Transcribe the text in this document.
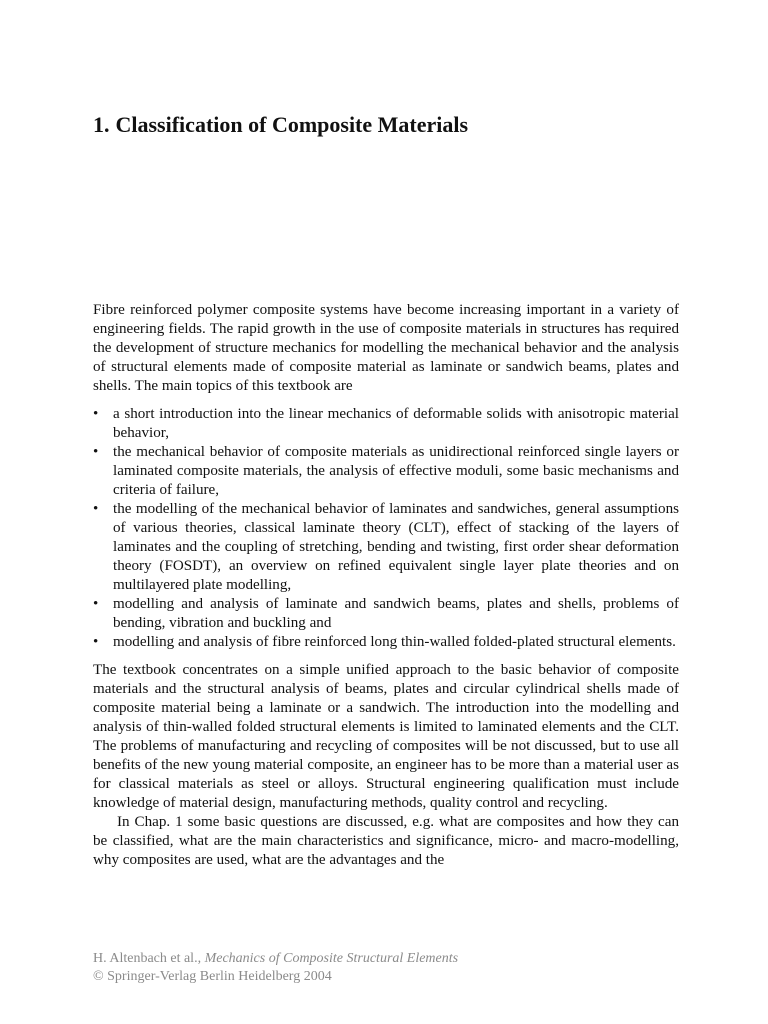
1. Classification of Composite Materials

Fibre reinforced polymer composite systems have become increasing important in a variety of engineering fields. The rapid growth in the use of composite materials in structures has required the development of structure mechanics for modelling the mechanical behavior and the analysis of structural elements made of composite material as laminate or sandwich beams, plates and shells. The main topics of this textbook are

• a short introduction into the linear mechanics of deformable solids with anisotropic material behavior,
• the mechanical behavior of composite materials as unidirectional reinforced single layers or laminated composite materials, the analysis of effective moduli, some basic mechanisms and criteria of failure,
• the modelling of the mechanical behavior of laminates and sandwiches, general assumptions of various theories, classical laminate theory (CLT), effect of stacking of the layers of laminates and the coupling of stretching, bending and twisting, first order shear deformation theory (FOSDT), an overview on refined equivalent single layer plate theories and on multilayered plate modelling,
• modelling and analysis of laminate and sandwich beams, plates and shells, problems of bending, vibration and buckling and
• modelling and analysis of fibre reinforced long thin-walled folded-plated structural elements.

The textbook concentrates on a simple unified approach to the basic behavior of composite materials and the structural analysis of beams, plates and circular cylindrical shells made of composite material being a laminate or a sandwich. The introduction into the modelling and analysis of thin-walled folded structural elements is limited to laminated elements and the CLT. The problems of manufacturing and recycling of composites will be not discussed, but to use all benefits of the new young material composite, an engineer has to be more than a material user as for classical materials as steel or alloys. Structural engineering qualification must include knowledge of material design, manufacturing methods, quality control and recycling.

In Chap. 1 some basic questions are discussed, e.g. what are composites and how they can be classified, what are the main characteristics and significance, micro- and macro-modelling, why composites are used, what are the advantages and the

H. Altenbach et al., Mechanics of Composite Structural Elements
© Springer-Verlag Berlin Heidelberg 2004
